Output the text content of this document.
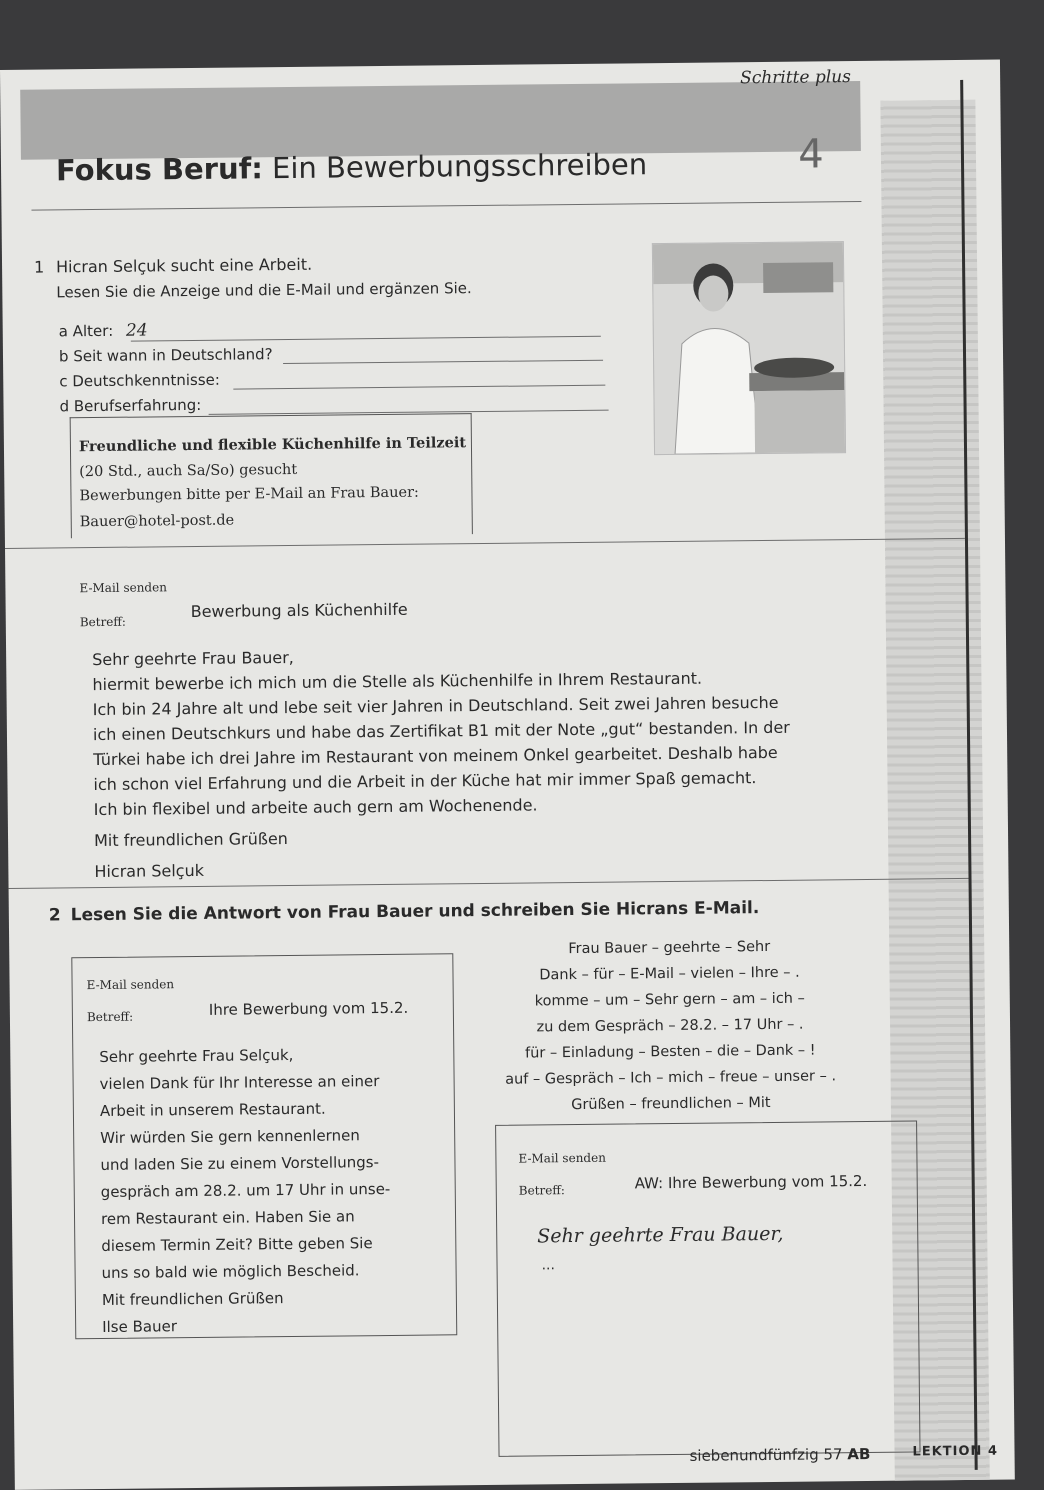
Schritte plus
Fokus Beruf: Ein Bewerbungsschreiben	4
1 Hicran Selçuk sucht eine Arbeit.
Lesen Sie die Anzeige und die E-Mail und ergänzen Sie.
a Alter: 24
b Seit wann in Deutschland?
c Deutschkenntnisse:
d Berufserfahrung:

Freundliche und flexible Küchenhilfe in Teilzeit

(20 Std., auch Sa/So) gesucht

Bewerbungen bitte per E-Mail an Frau Bauer:

Bauer@hotel-post.de

E-Mail senden
Betreff:
Bewerbung als Küchenhilfe
Sehr geehrte Frau Bauer,
hiermit bewerbe ich mich um die Stelle als Küchenhilfe in Ihrem Restaurant.
Ich bin 24 Jahre alt und lebe seit vier Jahren in Deutschland. Seit zwei Jahren besuche
ich einen Deutschkurs und habe das Zertifikat B1 mit der Note „gut“ bestanden. In der
Türkei habe ich drei Jahre im Restaurant von meinem Onkel gearbeitet. Deshalb habe
ich schon viel Erfahrung und die Arbeit in der Küche hat mir immer Spaß gemacht.
Ich bin flexibel und arbeite auch gern am Wochenende.
Mit freundlichen Grüßen
Hicran Selçuk
2 Lesen Sie die Antwort von Frau Bauer und schreiben Sie Hicrans E-Mail.
Frau Bauer – geehrte – Sehr
Dank – für – E-Mail – vielen – Ihre – .
komme – um – Sehr gern – am – ich –
zu dem Gespräch – 28.2. – 17 Uhr – .
für – Einladung – Besten – die – Dank – !
auf – Gespräch – Ich – mich – freue – unser – .
Grüßen – freundlichen – Mit
E-Mail senden
Betreff:	Ihre Bewerbung vom 15.2.
Sehr geehrte Frau Selçuk,
vielen Dank für Ihr Interesse an einer
Arbeit in unserem Restaurant.
Wir würden Sie gern kennenlernen
und laden Sie zu einem Vorstellungs-
gespräch am 28.2. um 17 Uhr in unse-
rem Restaurant ein. Haben Sie an
diesem Termin Zeit? Bitte geben Sie
uns so bald wie möglich Bescheid.
Mit freundlichen Grüßen
Ilse Bauer
E-Mail senden
Betreff:	AW: Ihre Bewerbung vom 15.2.
Sehr geehrte Frau Bauer,
...
siebenundfünfzig 57 AB	LEKTION 4
